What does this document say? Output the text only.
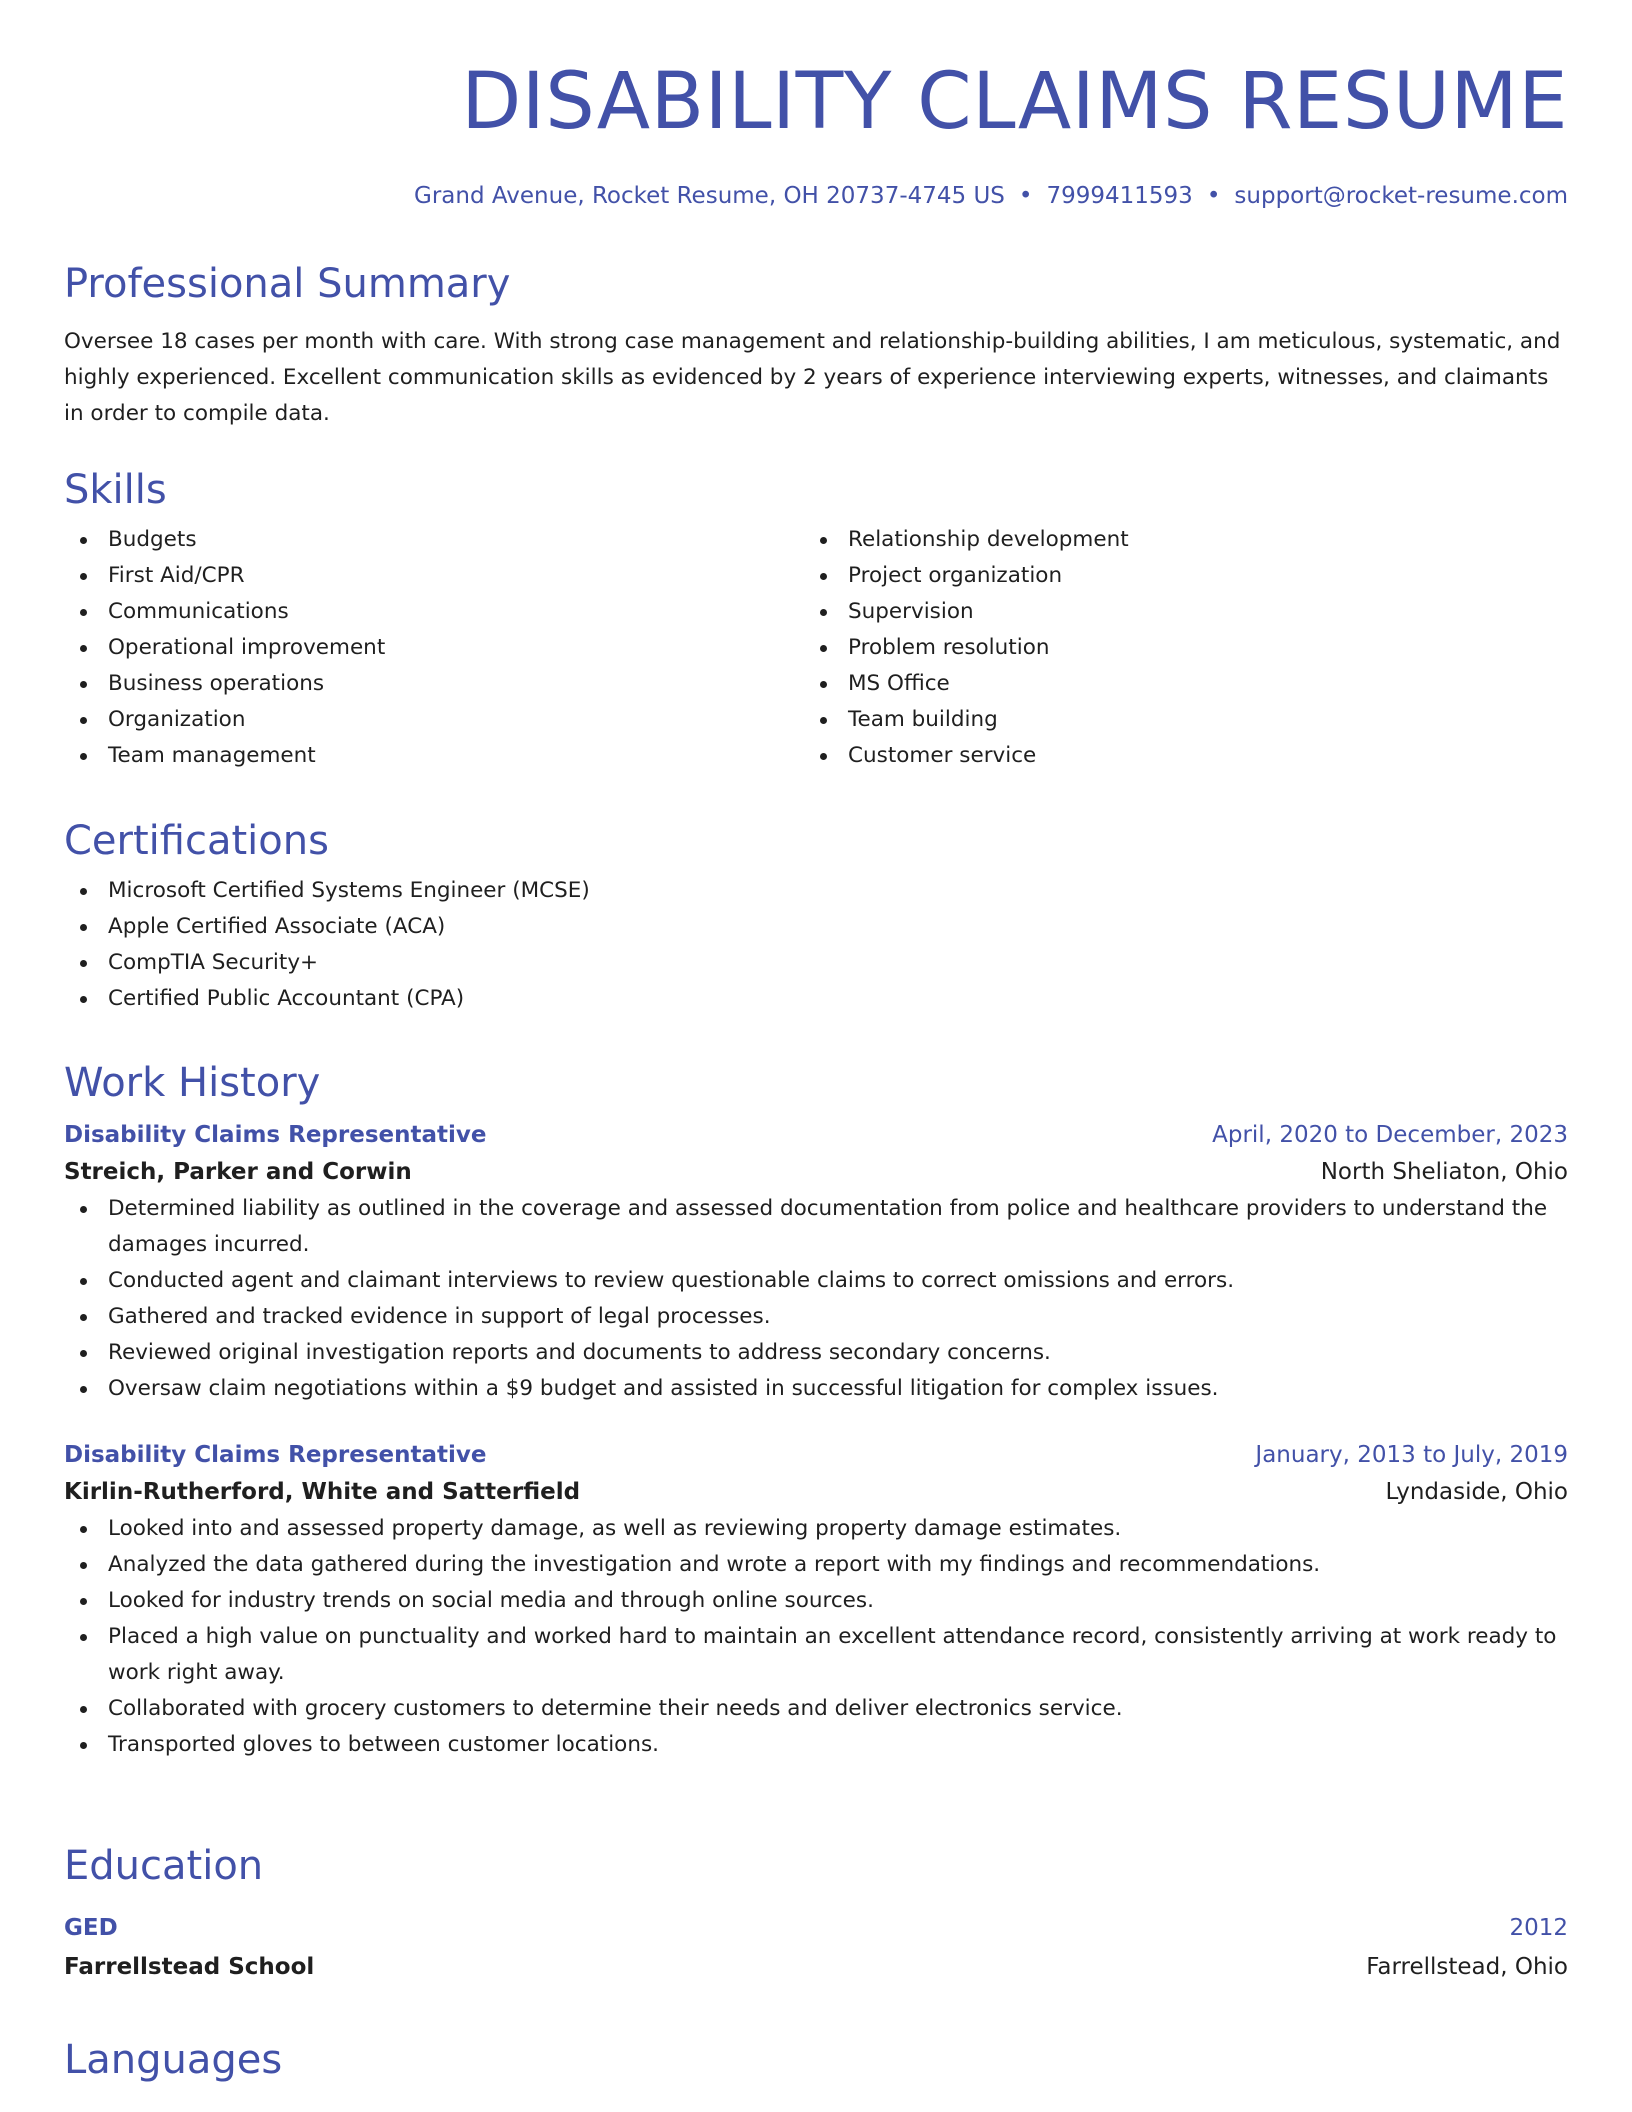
DISABILITY CLAIMS RESUME
Grand Avenue, Rocket Resume, OH 20737-4745 US • 7999411593 • support@rocket-resume.com
Professional Summary

Oversee 18 cases per month with care. With strong case management and relationship-building abilities, I am meticulous, systematic, and highly experienced. Excellent communication skills as evidenced by 2 years of experience interviewing experts, witnesses, and claimants in order to compile data.

Skills
Budgets
First Aid/CPR
Communications
Operational improvement
Business operations
Organization
Team management
Relationship development
Project organization
Supervision
Problem resolution
MS Office
Team building
Customer service
Certifications
Microsoft Certified Systems Engineer (MCSE)
Apple Certified Associate (ACA)
CompTIA Security+
Certified Public Accountant (CPA)
Work History
Disability Claims Representative	April, 2020 to December, 2023
Streich, Parker and Corwin	North Sheliaton, Ohio
Determined liability as outlined in the coverage and assessed documentation from police and healthcare providers to understand the damages incurred.
Conducted agent and claimant interviews to review questionable claims to correct omissions and errors.
Gathered and tracked evidence in support of legal processes.
Reviewed original investigation reports and documents to address secondary concerns.
Oversaw claim negotiations within a $9 budget and assisted in successful litigation for complex issues.
Disability Claims Representative	January, 2013 to July, 2019
Kirlin-Rutherford, White and Satterfield	Lyndaside, Ohio
Looked into and assessed property damage, as well as reviewing property damage estimates.
Analyzed the data gathered during the investigation and wrote a report with my findings and recommendations.
Looked for industry trends on social media and through online sources.
Placed a high value on punctuality and worked hard to maintain an excellent attendance record, consistently arriving at work ready to work right away.
Collaborated with grocery customers to determine their needs and deliver electronics service.
Transported gloves to between customer locations.
Education
GED	2012
Farrellstead School	Farrellstead, Ohio
Languages
